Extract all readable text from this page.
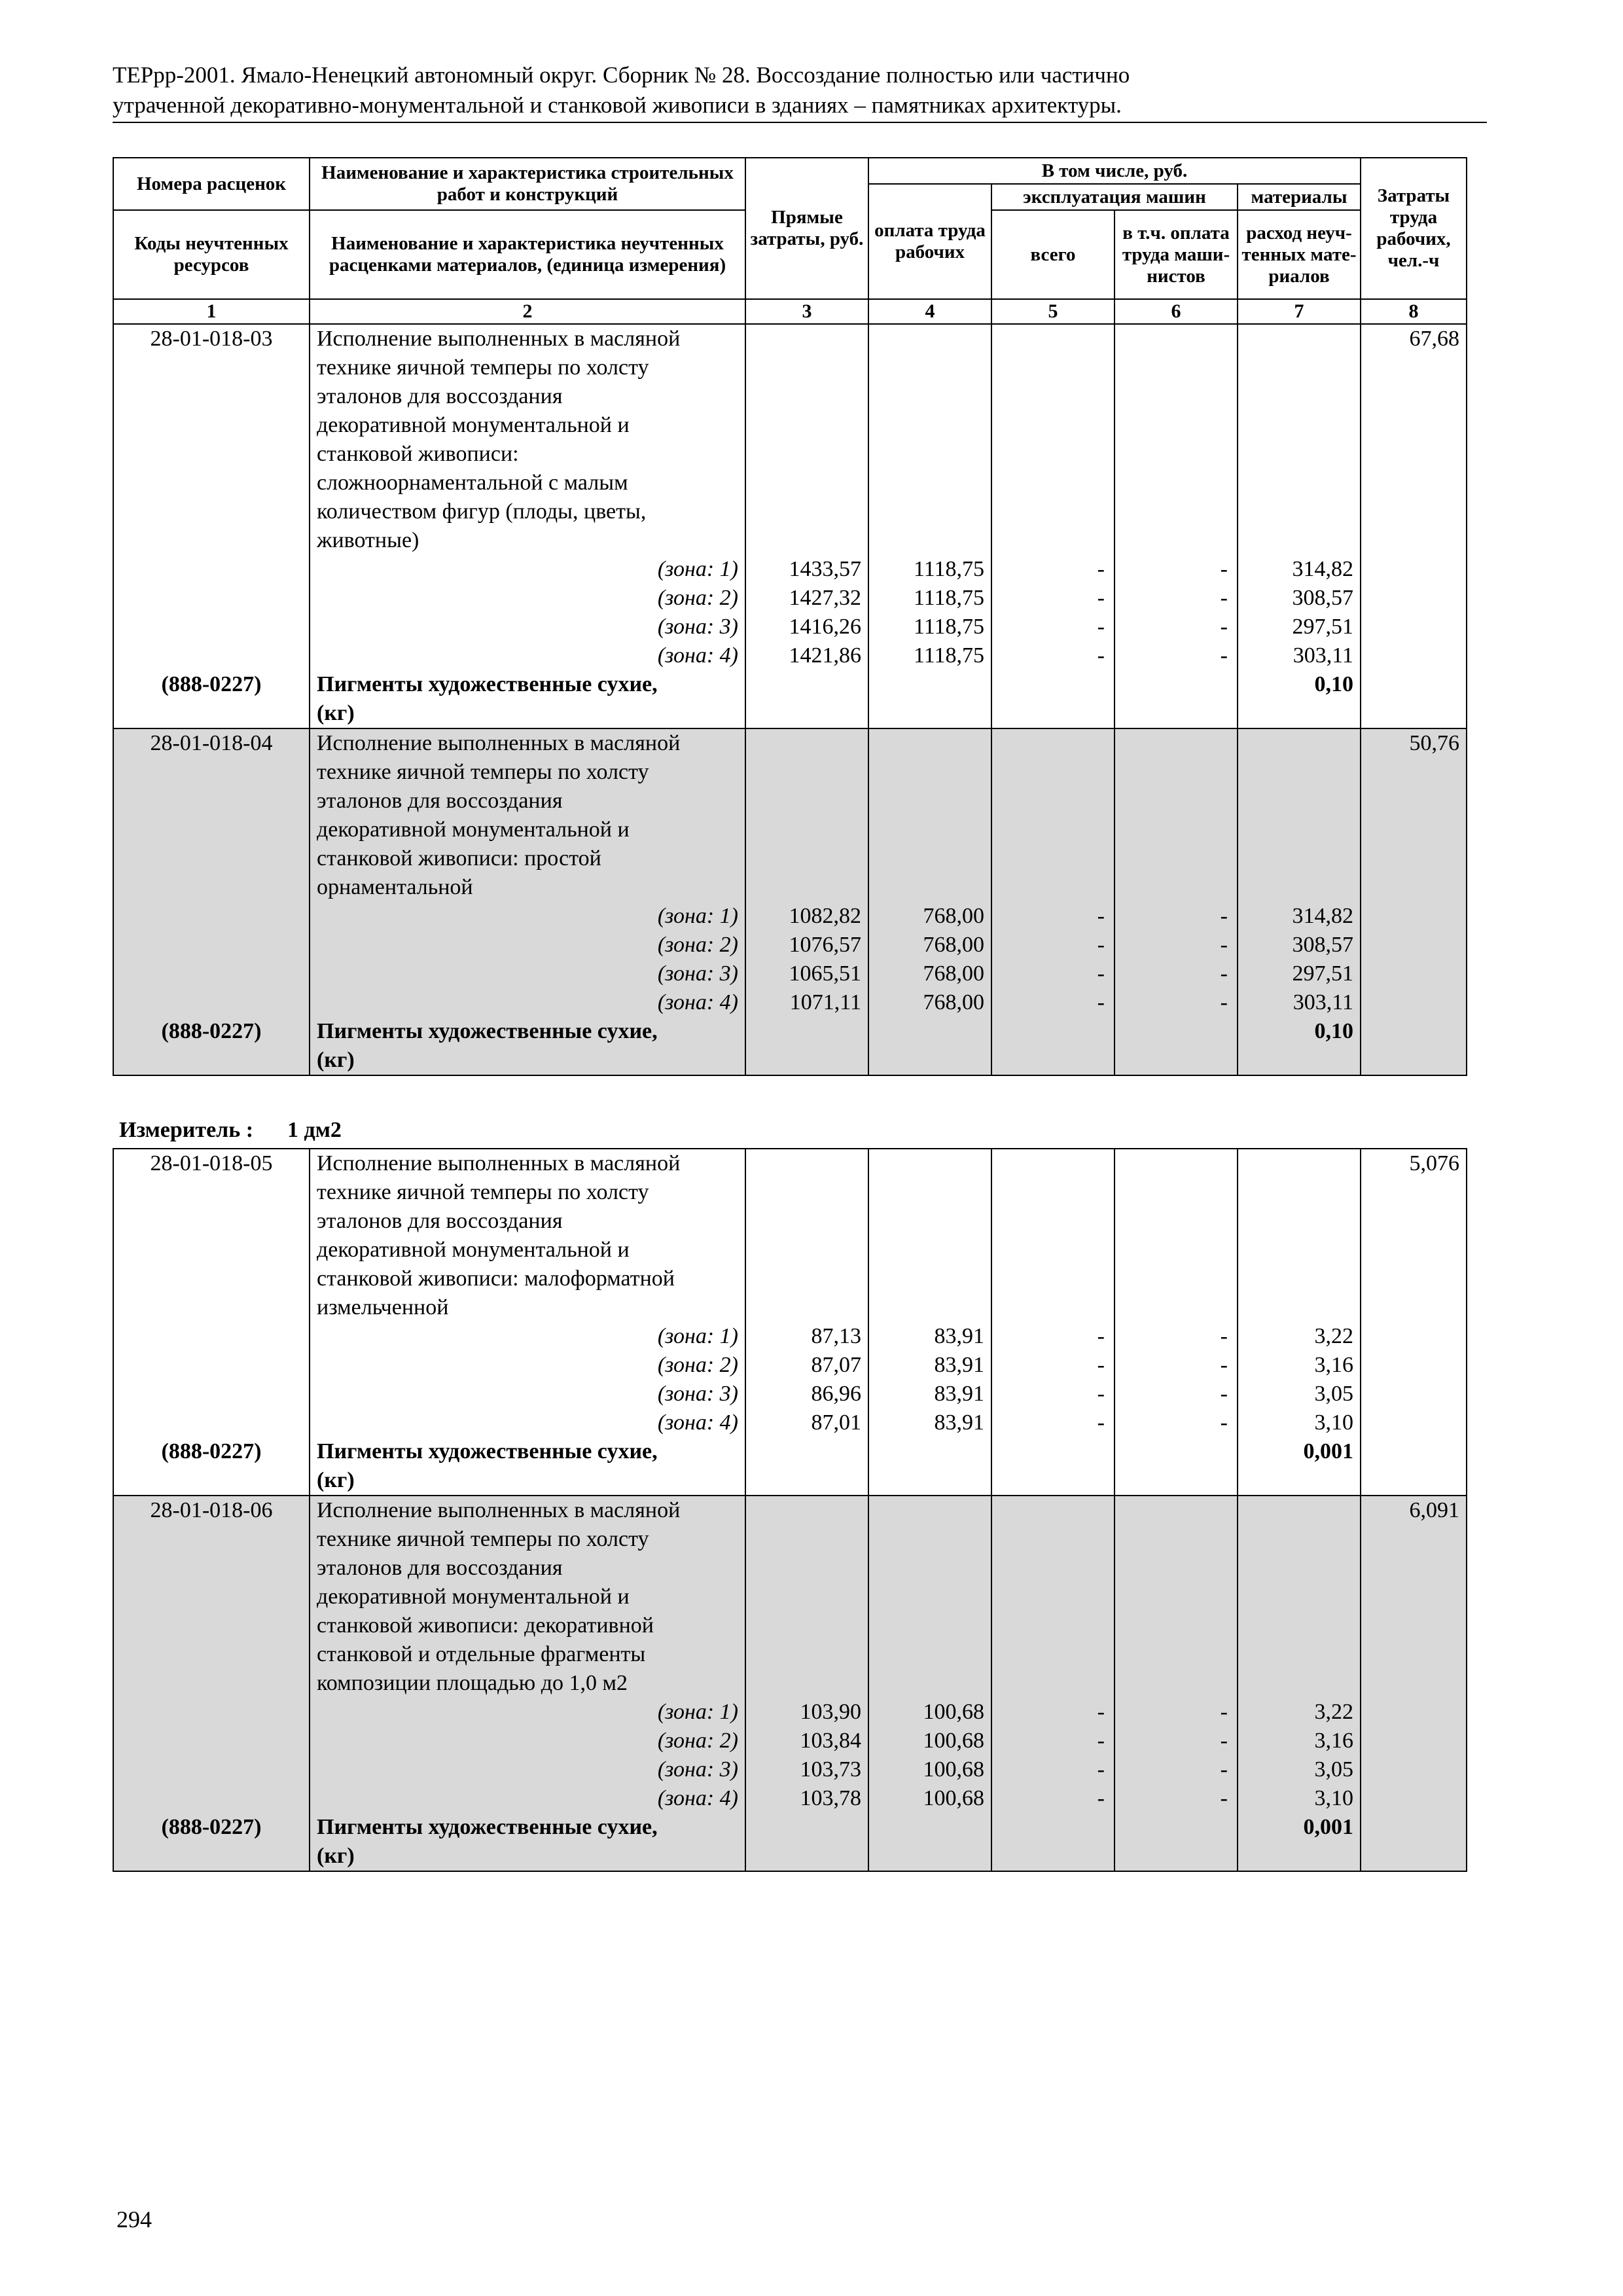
ТЕРрр-2001. Ямало-Ненецкий автономный округ. Сборник № 28. Воссоздание полностью или частично
утраченной декоративно-монументальной и станковой живописи в зданиях – памятниках архитектуры.
Номера расценок	Наименование и характеристика строительных работ и конструкций	Прямые затраты, руб.	В том числе, руб.				Затраты труда рабочих, чел.-ч
			оплата труда рабочих	эксплуатация машин		материалы	
Коды неучтенных ресурсов	Наименование и характеристика неучтенных расценками материалов, (единица измерения)			всего	в т.ч. оплата труда маши-нистов	расход неуч-тенных мате-риалов	

1	2	3	4	5	6	7	8
28-01-018-03	Исполнение выполненных в масляной						67,68
	технике яичной темперы по холсту						
	эталонов для воссоздания						
	декоративной монументальной и						
	станковой живописи:						
	сложноорнаментальной с малым						
	количеством фигур (плоды, цветы,						
	животные)						
	(зона: 1)	1433,57	1118,75	-	-	314,82	
	(зона: 2)	1427,32	1118,75	-	-	308,57	
	(зона: 3)	1416,26	1118,75	-	-	297,51	
	(зона: 4)	1421,86	1118,75	-	-	303,11	
(888-0227)	Пигменты художественные сухие,					0,10	
	(кг)						
28-01-018-04	Исполнение выполненных в масляной						50,76
	технике яичной темперы по холсту						
	эталонов для воссоздания						
	декоративной монументальной и						
	станковой живописи: простой						
	орнаментальной						
	(зона: 1)	1082,82	768,00	-	-	314,82	
	(зона: 2)	1076,57	768,00	-	-	308,57	
	(зона: 3)	1065,51	768,00	-	-	297,51	
	(зона: 4)	1071,11	768,00	-	-	303,11	
(888-0227)	Пигменты художественные сухие,					0,10	
	(кг)						
Измеритель : 1 дм2
28-01-018-05	Исполнение выполненных в масляной						5,076
	технике яичной темперы по холсту						
	эталонов для воссоздания						
	декоративной монументальной и						
	станковой живописи: малоформатной						
	измельченной						
	(зона: 1)	87,13	83,91	-	-	3,22	
	(зона: 2)	87,07	83,91	-	-	3,16	
	(зона: 3)	86,96	83,91	-	-	3,05	
	(зона: 4)	87,01	83,91	-	-	3,10	
(888-0227)	Пигменты художественные сухие,					0,001	
	(кг)						
28-01-018-06	Исполнение выполненных в масляной						6,091
	технике яичной темперы по холсту						
	эталонов для воссоздания						
	декоративной монументальной и						
	станковой живописи: декоративной						
	станковой и отдельные фрагменты						
	композиции площадью до 1,0 м2						
	(зона: 1)	103,90	100,68	-	-	3,22	
	(зона: 2)	103,84	100,68	-	-	3,16	
	(зона: 3)	103,73	100,68	-	-	3,05	
	(зона: 4)	103,78	100,68	-	-	3,10	
(888-0227)	Пигменты художественные сухие,					0,001	
	(кг)						
294
